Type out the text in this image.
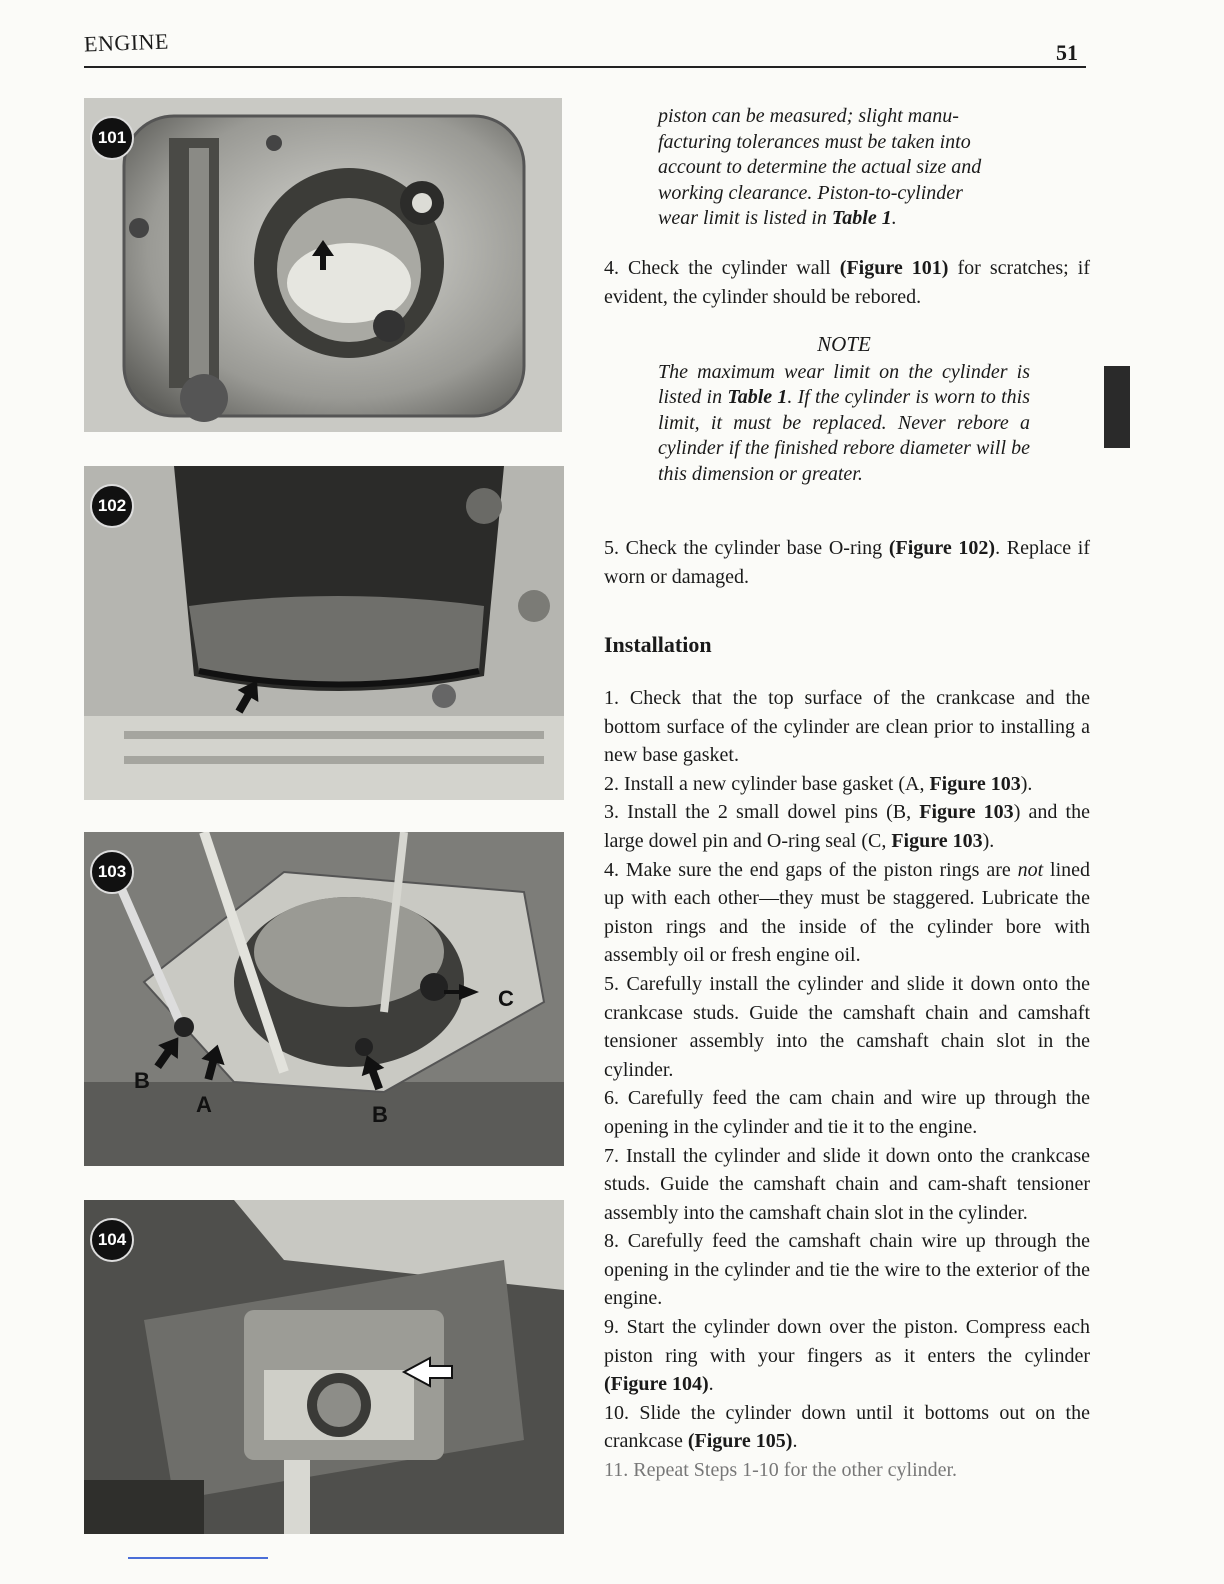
ENGINE	51
101
102
103
A
B
B
C
104
piston can be measured; slight manu-
facturing tolerances must be taken into
account to determine the actual size and
working clearance. Piston-to-cylinder
wear limit is listed in Table 1.

4. Check the cylinder wall (Figure 101) for scratches; if evident, the cylinder should be rebored.

NOTE

The maximum wear limit on the cylinder is listed in Table 1. If the cylinder is worn to this limit, it must be replaced. Never rebore a cylinder if the finished rebore diameter will be this dimension or greater.

5. Check the cylinder base O-ring (Figure 102). Replace if worn or damaged.

Installation

1. Check that the top surface of the crankcase and the bottom surface of the cylinder are clean prior to installing a new base gasket.

2. Install a new cylinder base gasket (A, Figure 103).

3. Install the 2 small dowel pins (B, Figure 103) and the large dowel pin and O-ring seal (C, Figure 103).

4. Make sure the end gaps of the piston rings are not lined up with each other—they must be staggered. Lubricate the piston rings and the inside of the cylinder bore with assembly oil or fresh engine oil.

5. Carefully install the cylinder and slide it down onto the crankcase studs. Guide the camshaft chain and camshaft tensioner assembly into the camshaft chain slot in the cylinder.

6. Carefully feed the cam chain and wire up through the opening in the cylinder and tie it to the engine.

7. Install the cylinder and slide it down onto the crankcase studs. Guide the camshaft chain and cam-shaft tensioner assembly into the camshaft chain slot in the cylinder.

8. Carefully feed the camshaft chain wire up through the opening in the cylinder and tie the wire to the exterior of the engine.

9. Start the cylinder down over the piston. Compress each piston ring with your fingers as it enters the cylinder (Figure 104).

10. Slide the cylinder down until it bottoms out on the crankcase (Figure 105).

11. Repeat Steps 1-10 for the other cylinder.
